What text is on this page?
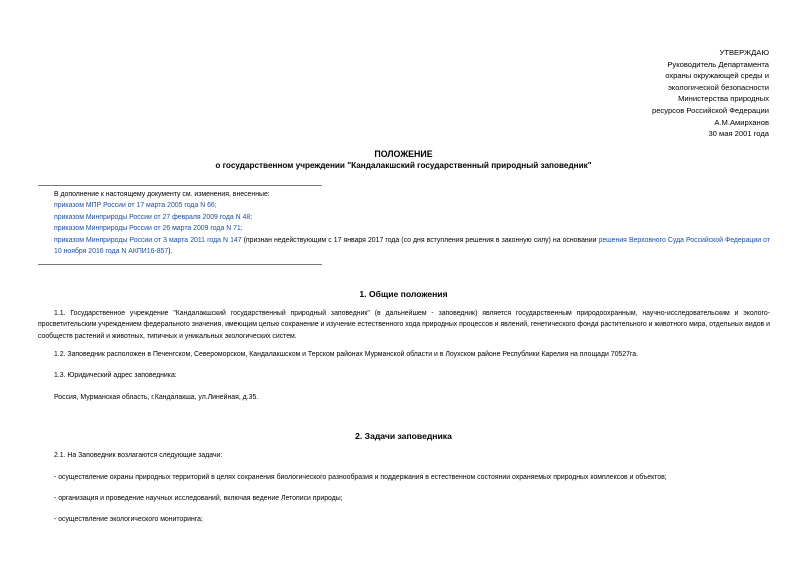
УТВЕРЖДАЮ
Руководитель Департамента
охраны окружающей среды и
экологической безопасности
Министерства природных
ресурсов Российской Федерации
А.М.Амирханов
30 мая 2001 года
ПОЛОЖЕНИЕ
о государственном учреждении "Кандалакшский государственный природный заповедник"
В дополнение к настоящему документу см. изменения, внесенные:
приказом МПР России от 17 марта 2005 года N 66;
приказом Минприроды России от 27 февраля 2009 года N 48;
приказом Минприроды России от 26 марта 2009 года N 71;
приказом Минприроды России от 3 марта 2011 года N 147 (признан недействующим с 17 января 2017 года (со дня вступления решения в законную силу) на основании решения Верховного Суда Российской Федерации от 10 ноября 2016 года N АКПИ16-857).
1. Общие положения
1.1. Государственное учреждение "Кандалакшский государственный природный заповедник" (в дальнейшем - заповедник) является государственным природоохранным, научно-исследовательским и эколого-просветительским учреждением федерального значения, имеющим целью сохранение и изучение естественного хода природных процессов и явлений, генетического фонда растительного и животного мира, отдельных видов и сообществ растений и животных, типичных и уникальных экологических систем.
1.2. Заповедник расположен в Печенгском, Североморском, Кандалакшском и Терском районах Мурманской области и в Лоухском районе Республики Карелия на площади 70527га.
1.3. Юридический адрес заповедника:
Россия, Мурманская область, г.Кандалакша, ул.Линейная, д.35.
2. Задачи заповедника
2.1. На Заповедник возлагаются следующие задачи:
- осуществление охраны природных территорий в целях сохранения биологического разнообразия и поддержания в естественном состоянии охраняемых природных комплексов и объектов;
- организация и проведение научных исследований, включая ведение Летописи природы;
- осуществление экологического мониторинга;
